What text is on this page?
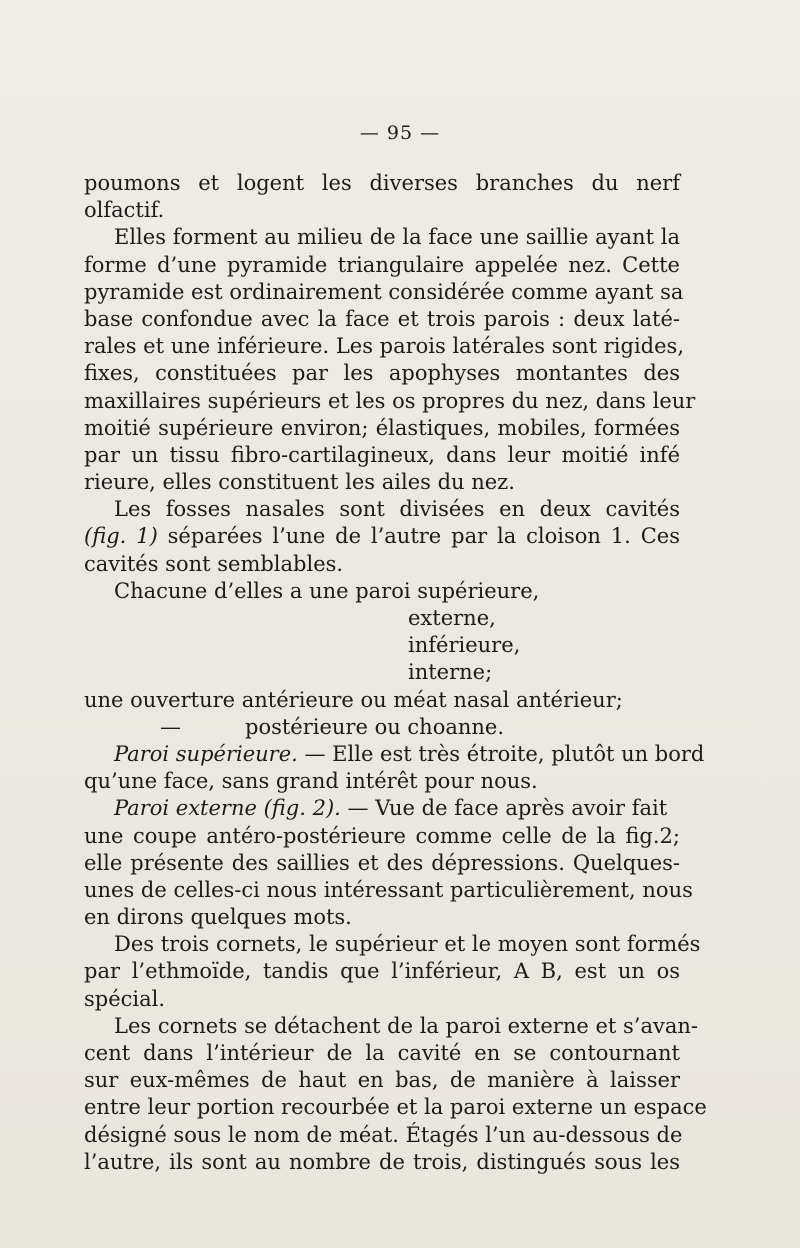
— 95 —
poumons et logent les diverses branches du nerf
olfactif.
Elles forment au milieu de la face une saillie ayant la
forme d’une pyramide triangulaire appelée nez. Cette
pyramide est ordinairement considérée comme ayant sa
base confondue avec la face et trois parois : deux laté-
rales et une inférieure. Les parois latérales sont rigides,
fixes, constituées par les apophyses montantes des
maxillaires supérieurs et les os propres du nez, dans leur
moitié supérieure environ; élastiques, mobiles, formées
par un tissu fibro-cartilagineux, dans leur moitié infé
rieure, elles constituent les ailes du nez.
Les fosses nasales sont divisées en deux cavités
(fig. 1) séparées l’une de l’autre par la cloison 1. Ces
cavités sont semblables.
Chacune d’elles a une paroi supérieure,
externe,
inférieure,
interne;
une ouverture antérieure ou méat nasal antérieur;
—	postérieure ou choanne.
Paroi supérieure. — Elle est très étroite, plutôt un bord
qu’une face, sans grand intérêt pour nous.
Paroi externe (fig. 2). — Vue de face après avoir fait
une coupe antéro-postérieure comme celle de la fig.2;
elle présente des saillies et des dépressions. Quelques-
unes de celles-ci nous intéressant particulièrement, nous
en dirons quelques mots.
Des trois cornets, le supérieur et le moyen sont formés
par l’ethmoïde, tandis que l’inférieur, A B, est un os
spécial.
Les cornets se détachent de la paroi externe et s’avan-
cent dans l’intérieur de la cavité en se contournant
sur eux-mêmes de haut en bas, de manière à laisser
entre leur portion recourbée et la paroi externe un espace
désigné sous le nom de méat. Étagés l’un au-dessous de
l’autre, ils sont au nombre de trois, distingués sous les
